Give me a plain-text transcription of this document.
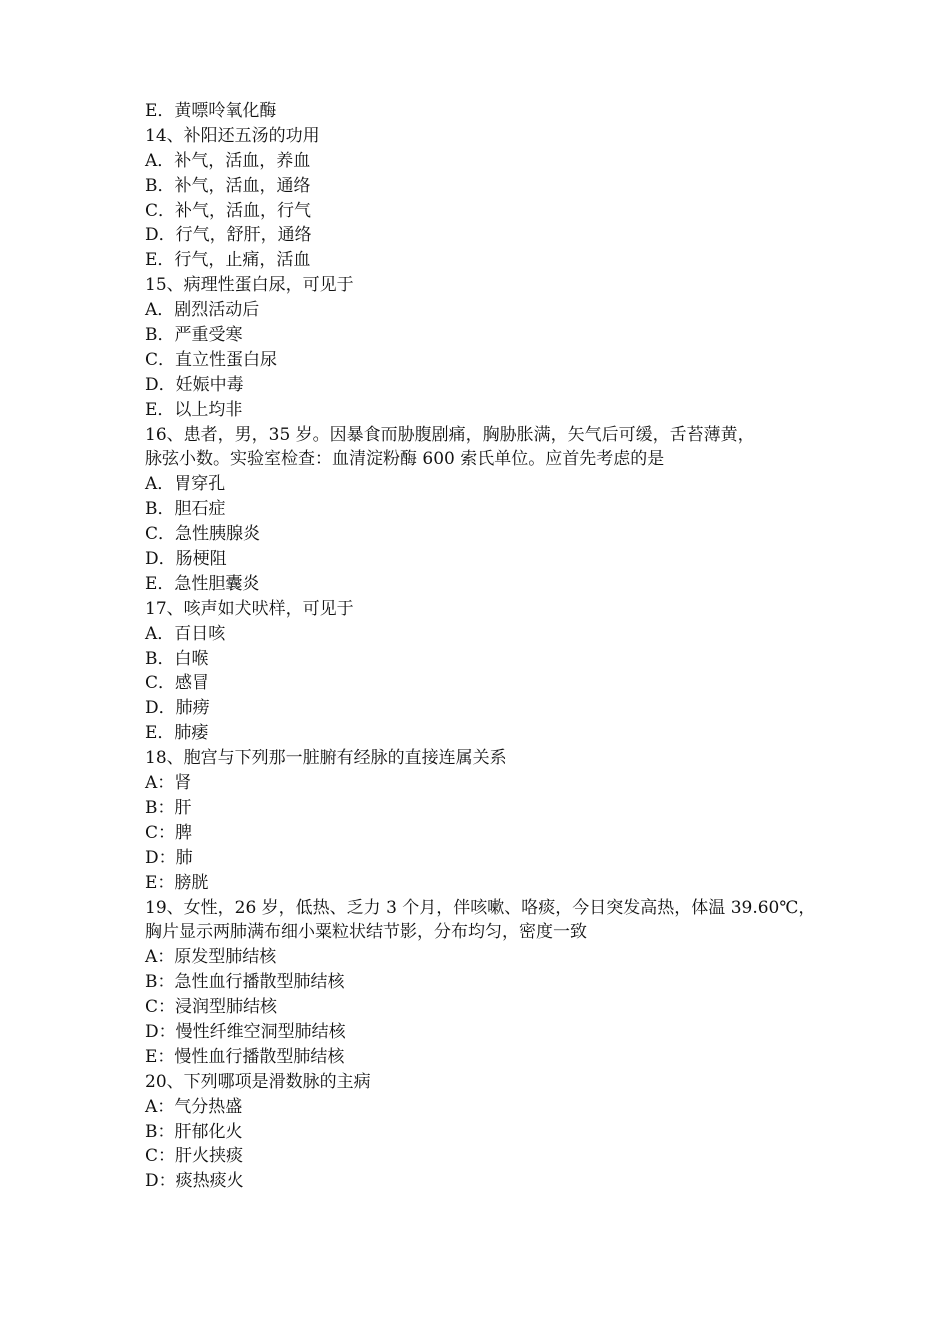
E．黄嘌呤氧化酶
14、补阳还五汤的功用
A．补气，活血，养血
B．补气，活血，通络
C．补气，活血，行气
D．行气，舒肝，通络
E．行气，止痛，活血
15、病理性蛋白尿，可见于
A．剧烈活动后
B．严重受寒
C．直立性蛋白尿
D．妊娠中毒
E．以上均非
16、患者，男，35 岁。因暴食而胁腹剧痛，胸胁胀满，矢气后可缓，舌苔薄黄，
脉弦小数。实验室检查：血清淀粉酶 600 索氏单位。应首先考虑的是
A．胃穿孔
B．胆石症
C．急性胰腺炎
D．肠梗阻
E．急性胆囊炎
17、咳声如犬吠样，可见于
A．百日咳
B．白喉
C．感冒
D．肺痨
E．肺痿
18、胞宫与下列那一脏腑有经脉的直接连属关系
A：肾
B：肝
C：脾
D：肺
E：膀胱
19、女性，26 岁，低热、乏力 3 个月，伴咳嗽、咯痰，今日突发高热，体温 39.60℃，
胸片显示两肺满布细小粟粒状结节影，分布均匀，密度一致
A：原发型肺结核
B：急性血行播散型肺结核
C：浸润型肺结核
D：慢性纤维空洞型肺结核
E：慢性血行播散型肺结核
20、下列哪项是滑数脉的主病
A：气分热盛
B：肝郁化火
C：肝火挟痰
D：痰热痰火
